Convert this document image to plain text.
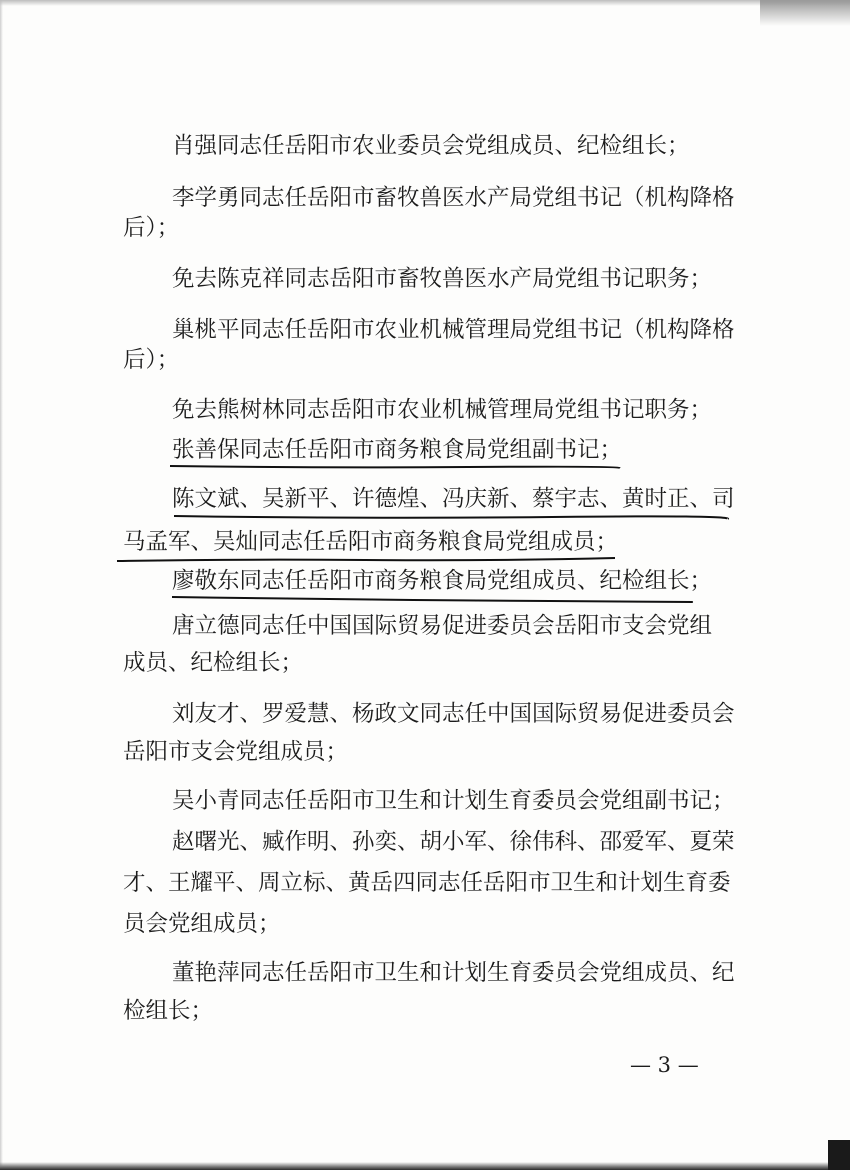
肖强同志任岳阳市农业委员会党组成员、纪检组长；

李学勇同志任岳阳市畜牧兽医水产局党组书记（机构降格

后）；

免去陈克祥同志岳阳市畜牧兽医水产局党组书记职务；

巢桃平同志任岳阳市农业机械管理局党组书记（机构降格

后）；

免去熊树林同志岳阳市农业机械管理局党组书记职务；

张善保同志任岳阳市商务粮食局党组副书记；

陈文斌、吴新平、许德煌、冯庆新、蔡宇志、黄时正、司

马孟军、吴灿同志任岳阳市商务粮食局党组成员；

廖敬东同志任岳阳市商务粮食局党组成员、纪检组长；

唐立德同志任中国国际贸易促进委员会岳阳市支会党组

成员、纪检组长；

刘友才、罗爱慧、杨政文同志任中国国际贸易促进委员会

岳阳市支会党组成员；

吴小青同志任岳阳市卫生和计划生育委员会党组副书记；

赵曙光、臧作明、孙奕、胡小军、徐伟科、邵爱军、夏荣

才、王耀平、周立标、黄岳四同志任岳阳市卫生和计划生育委

员会党组成员；

董艳萍同志任岳阳市卫生和计划生育委员会党组成员、纪

检组长；

— 3 —
